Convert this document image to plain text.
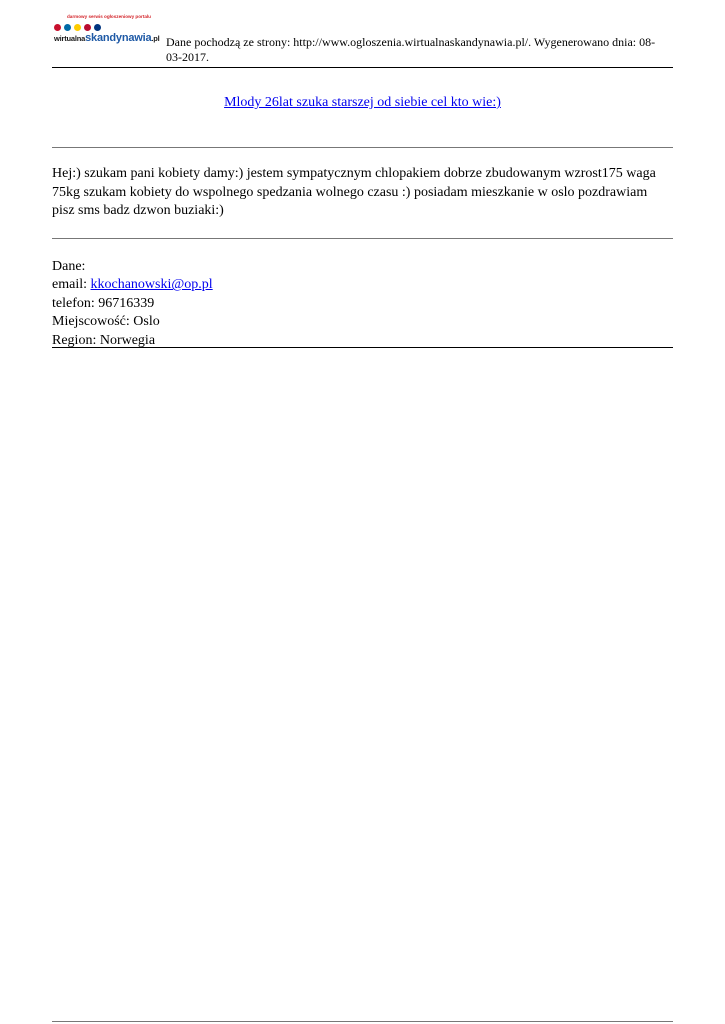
darmowy serwis ogłoszeniowy portalu
wirtualnaskandynawia.pl Dane pochodzą ze strony: http://www.ogloszenia.wirtualnaskandynawia.pl/. Wygenerowano dnia: 08-03-2017.
Mlody 26lat szuka starszej od siebie cel kto wie:)
Hej:) szukam pani kobiety damy:) jestem sympatycznym chlopakiem dobrze zbudowanym wzrost175 waga 75kg szukam kobiety do wspolnego spedzania wolnego czasu :) posiadam mieszkanie w oslo pozdrawiam pisz sms badz dzwon buziaki:)
Dane:
email: kkochanowski@op.pl
telefon: 96716339
Miejscowość: Oslo
Region: Norwegia
